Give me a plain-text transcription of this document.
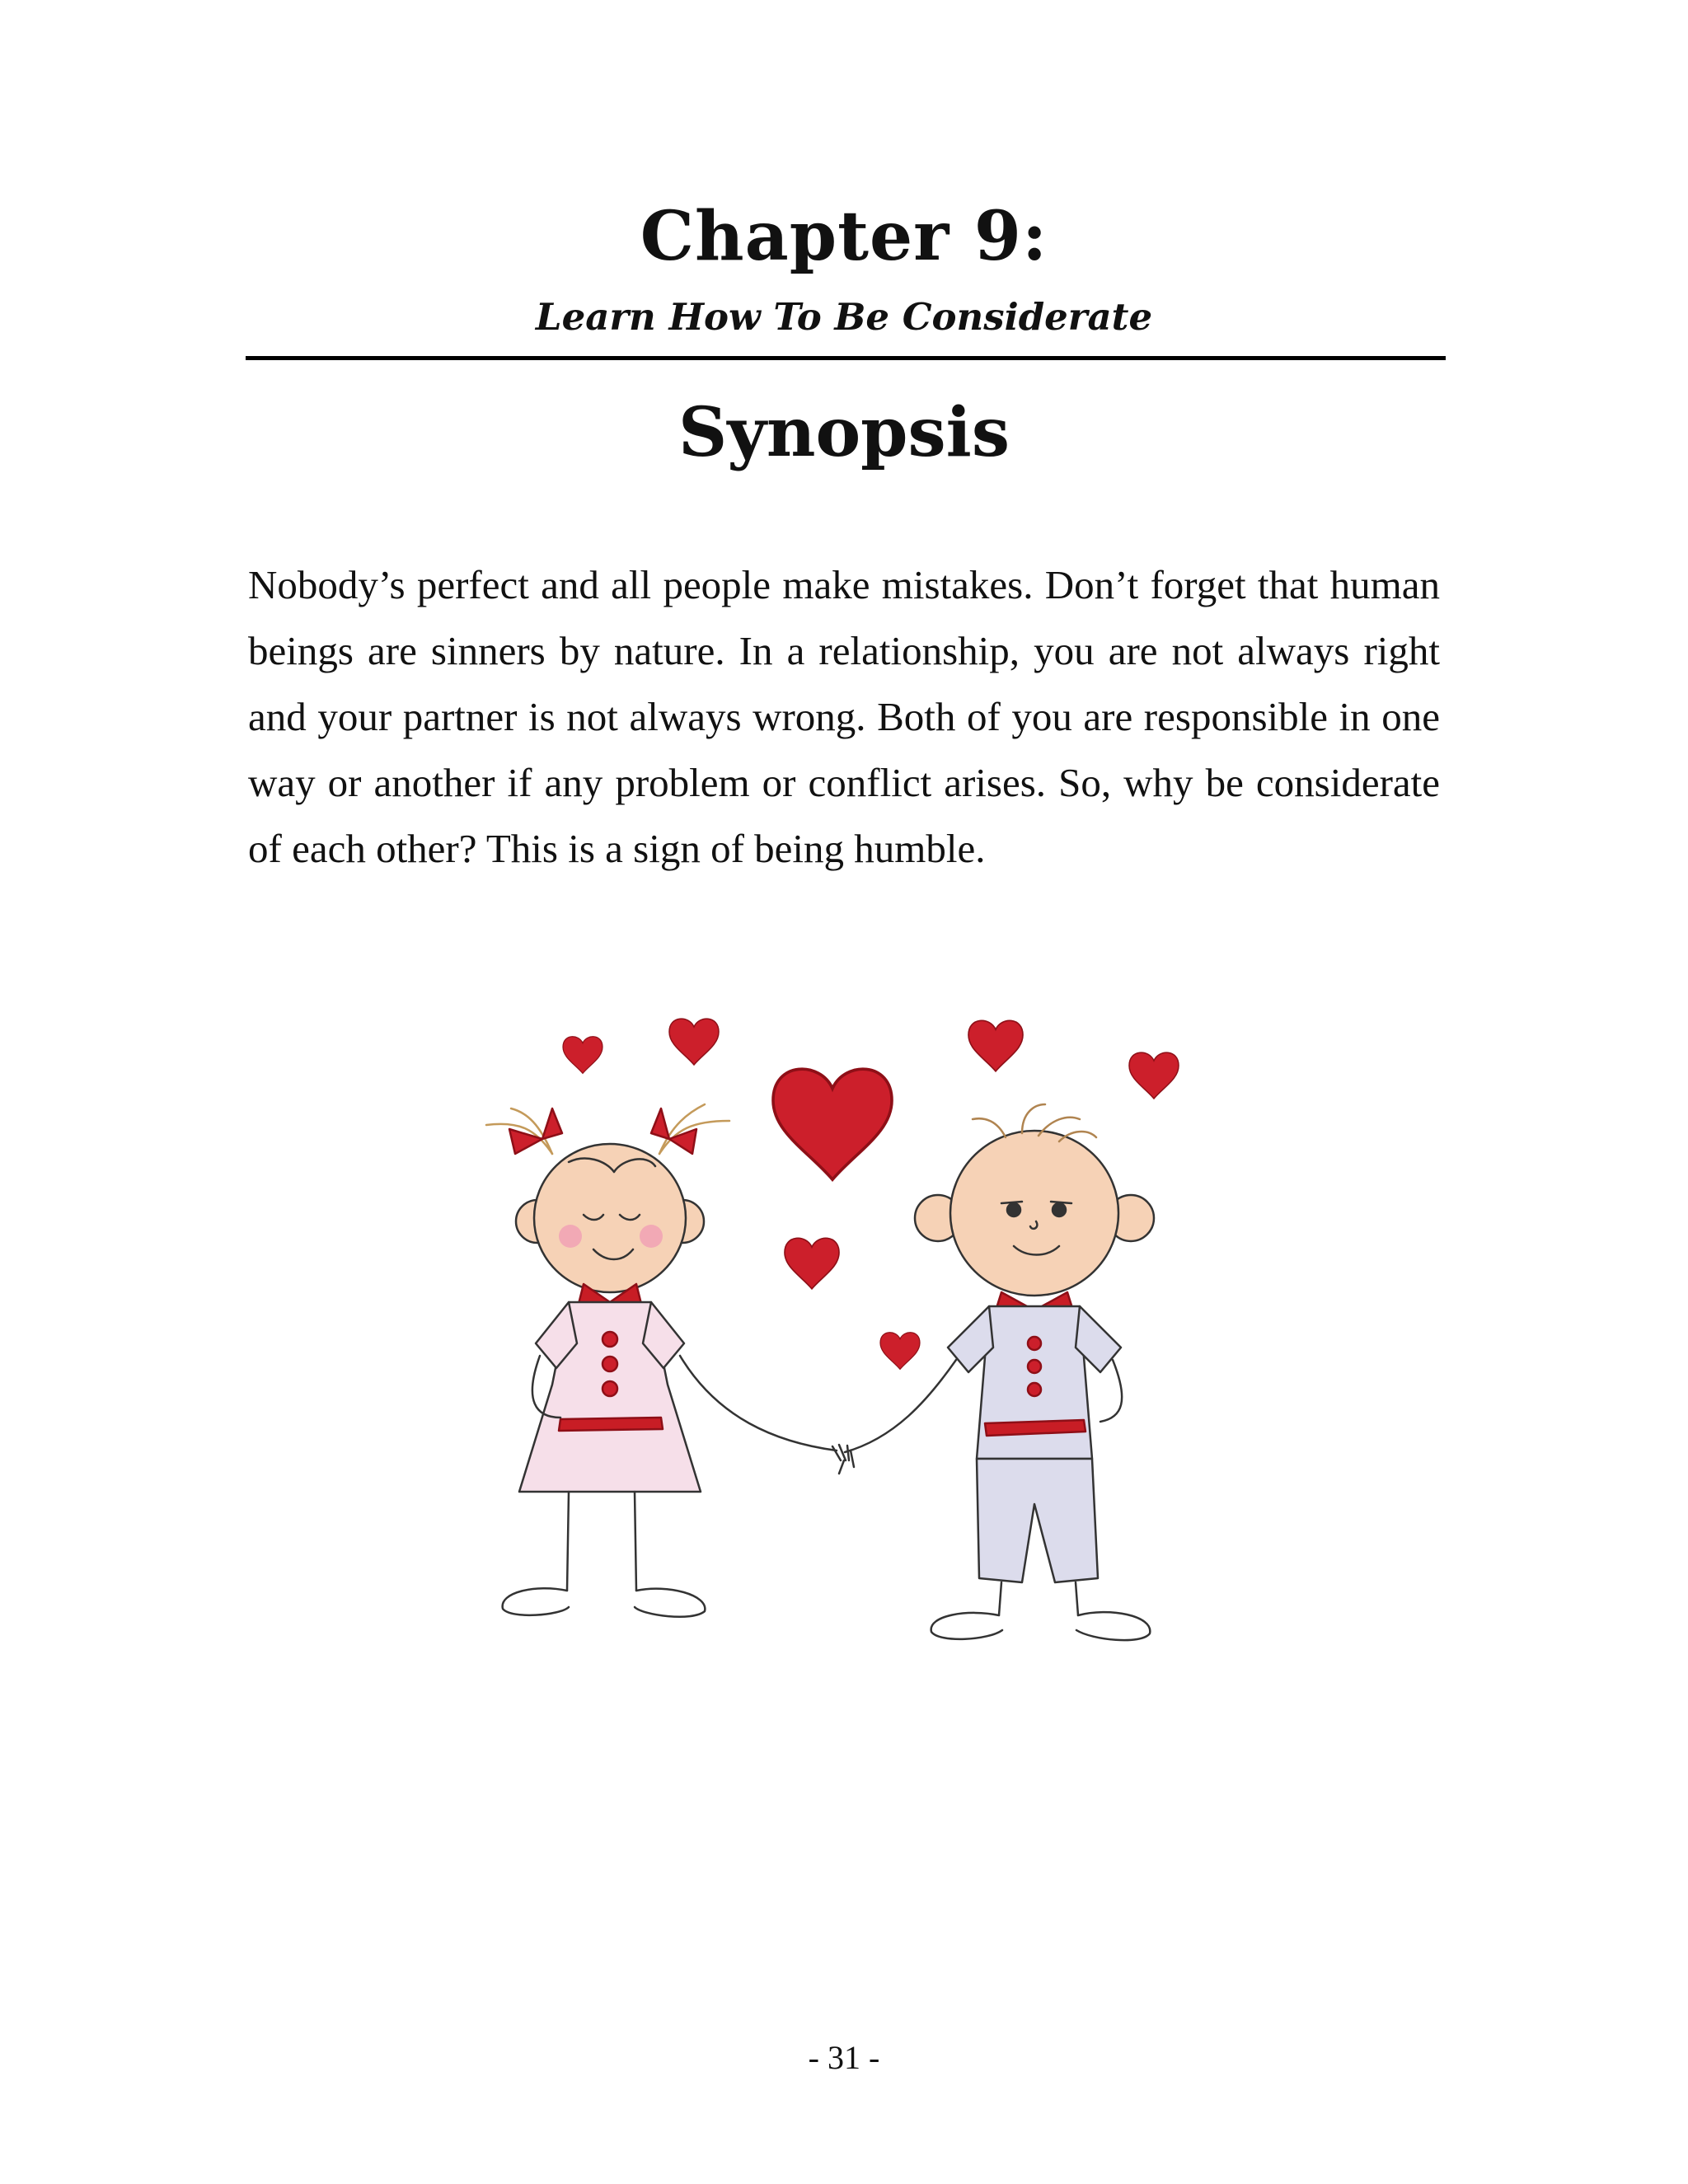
Chapter 9:
Learn How To Be Considerate
Synopsis

Nobody’s perfect and all people make mistakes. Don’t forget that human beings are sinners by nature. In a relationship, you are not always right and your partner is not always wrong. Both of you are responsible in one way or another if any problem or conflict arises. So, why be considerate of each other? This is a sign of being humble.

- 31 -
